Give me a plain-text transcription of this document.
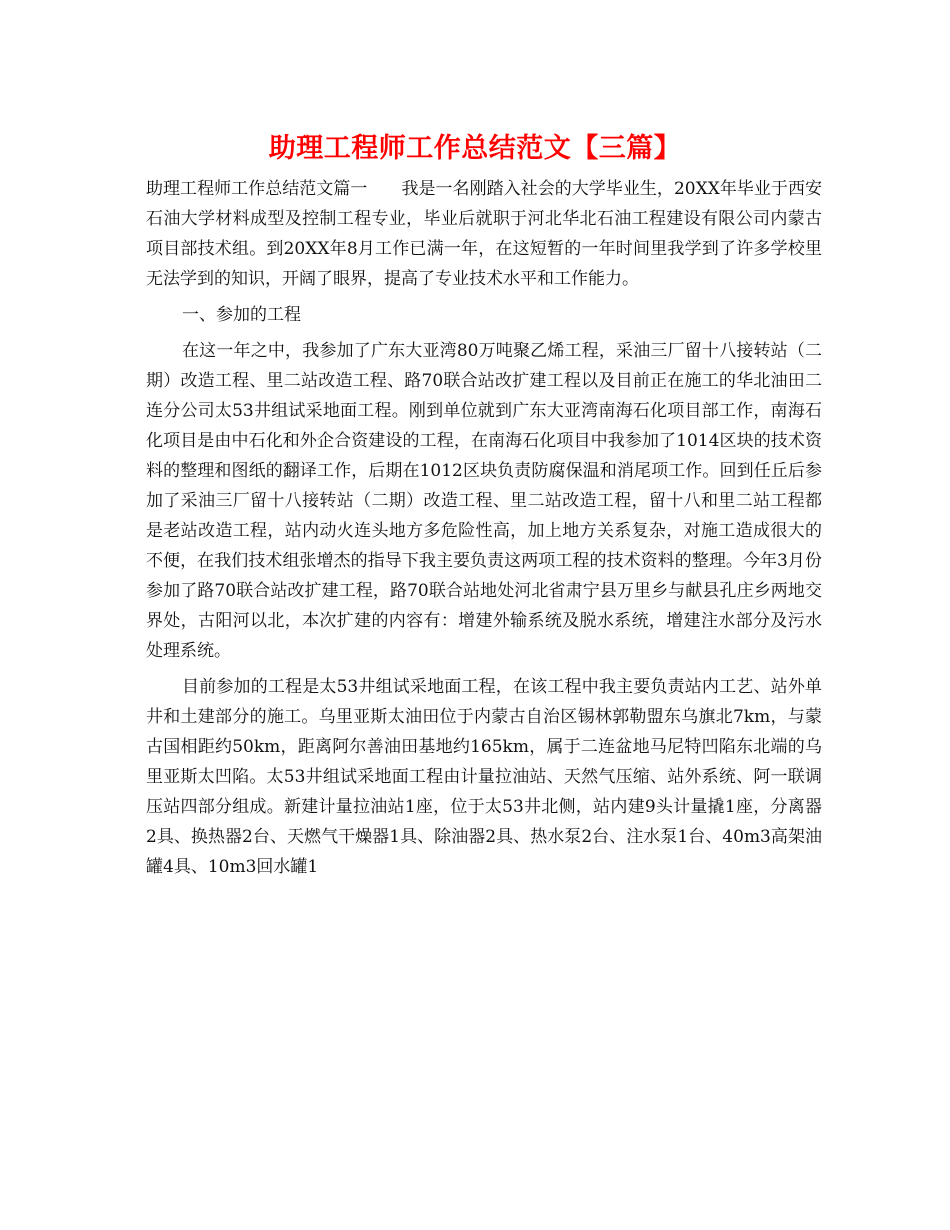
助理工程师工作总结范文【三篇】

助理工程师工作总结范文篇一　　我是一名刚踏入社会的大学毕业生，20XX年毕业于西安石油大学材料成型及控制工程专业，毕业后就职于河北华北石油工程建设有限公司内蒙古项目部技术组。到20XX年8月工作已满一年，在这短暂的一年时间里我学到了许多学校里无法学到的知识，开阔了眼界，提高了专业技术水平和工作能力。

一、参加的工程

在这一年之中，我参加了广东大亚湾80万吨聚乙烯工程，采油三厂留十八接转站（二期）改造工程、里二站改造工程、路70联合站改扩建工程以及目前正在施工的华北油田二连分公司太53井组试采地面工程。刚到单位就到广东大亚湾南海石化项目部工作，南海石化项目是由中石化和外企合资建设的工程，在南海石化项目中我参加了1014区块的技术资料的整理和图纸的翻译工作，后期在1012区块负责防腐保温和消尾项工作。回到任丘后参加了采油三厂留十八接转站（二期）改造工程、里二站改造工程，留十八和里二站工程都是老站改造工程，站内动火连头地方多危险性高，加上地方关系复杂，对施工造成很大的不便，在我们技术组张增杰的指导下我主要负责这两项工程的技术资料的整理。今年3月份参加了路70联合站改扩建工程，路70联合站地处河北省肃宁县万里乡与献县孔庄乡两地交界处，古阳河以北，本次扩建的内容有：增建外输系统及脱水系统，增建注水部分及污水处理系统。

目前参加的工程是太53井组试采地面工程，在该工程中我主要负责站内工艺、站外单井和土建部分的施工。乌里亚斯太油田位于内蒙古自治区锡林郭勒盟东乌旗北7km，与蒙古国相距约50km，距离阿尔善油田基地约165km，属于二连盆地马尼特凹陷东北端的乌里亚斯太凹陷。太53井组试采地面工程由计量拉油站、天然气压缩、站外系统、阿一联调压站四部分组成。新建计量拉油站1座，位于太53井北侧，站内建9头计量撬1座，分离器2具、换热器2台、天燃气干燥器1具、除油器2具、热水泵2台、注水泵1台、40m3高架油罐4具、10m3回水罐1
